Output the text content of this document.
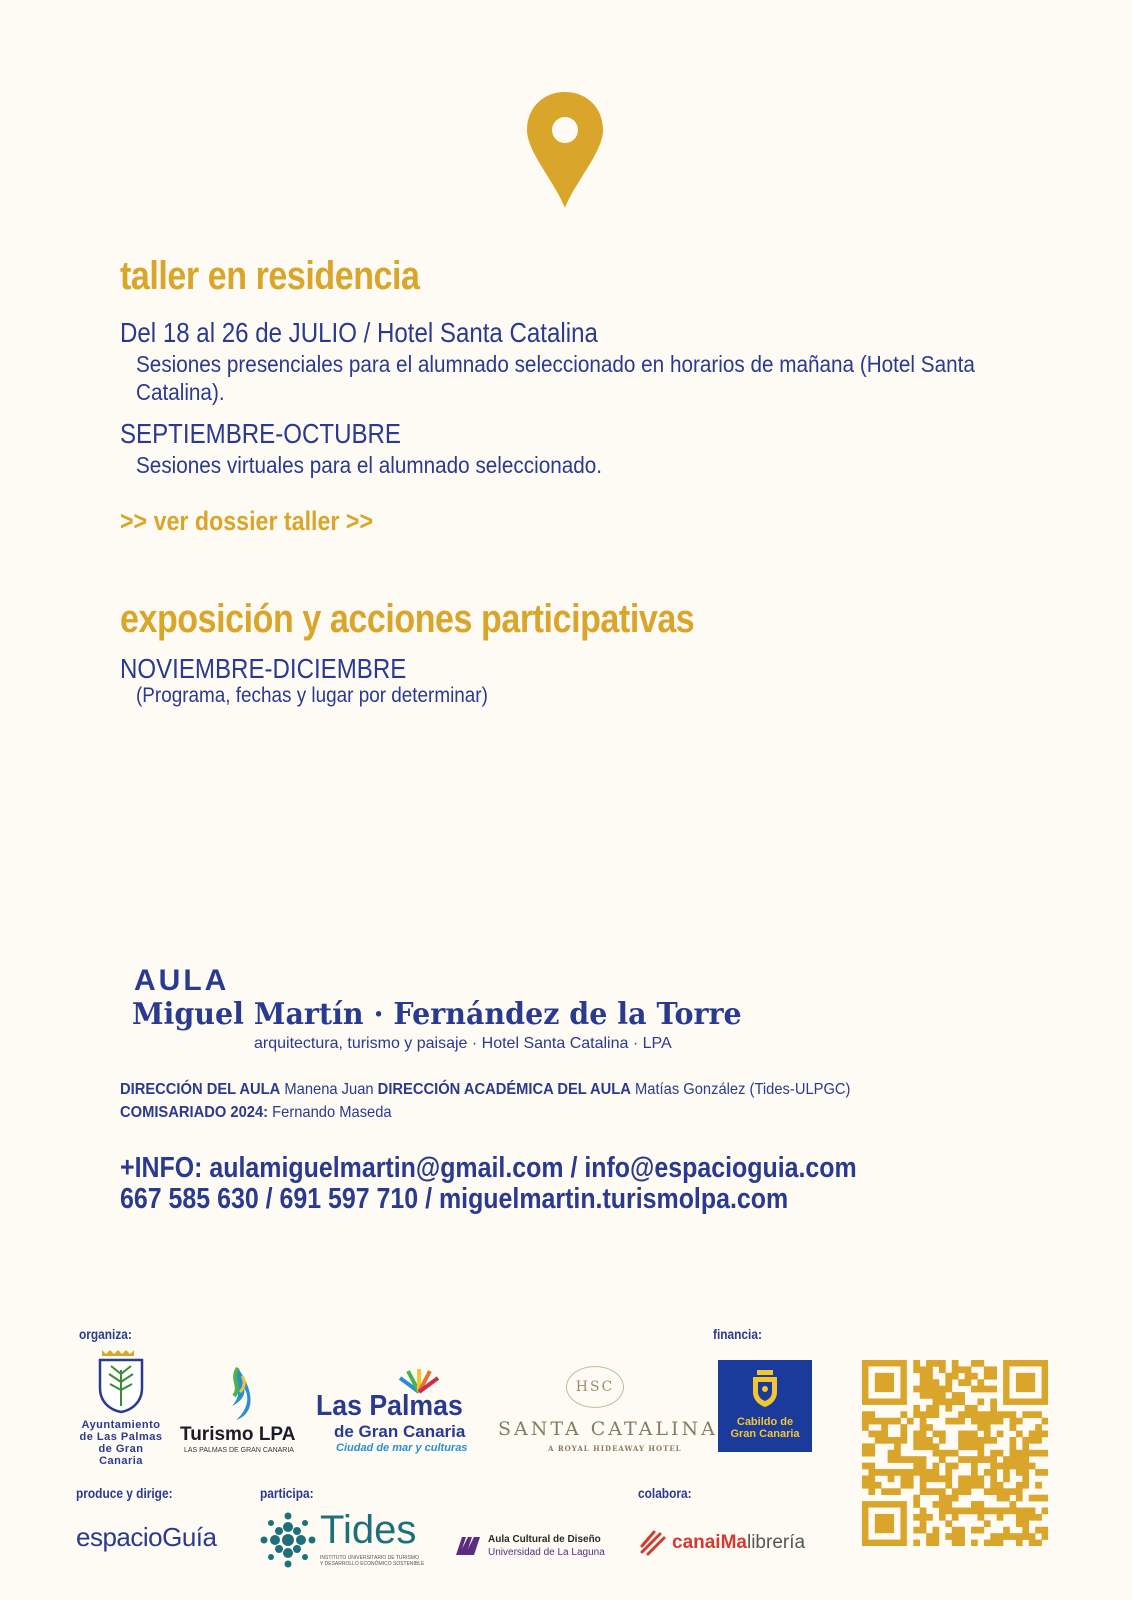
taller en residencia
Del 18 al 26 de JULIO / Hotel Santa Catalina
Sesiones presenciales para el alumnado seleccionado en horarios de mañana (Hotel Santa Catalina).
SEPTIEMBRE-OCTUBRE
Sesiones virtuales para el alumnado seleccionado.
>> ver dossier taller >>
exposición y acciones participativas
NOVIEMBRE-DICIEMBRE
(Programa, fechas y lugar por determinar)
AULA
Miguel Martín · Fernández de la Torre
arquitectura, turismo y paisaje · Hotel Santa Catalina · LPA
DIRECCIÓN DEL AULA Manena Juan DIRECCIÓN ACADÉMICA DEL AULA Matías González (Tides-ULPGC)
COMISARIADO 2024: Fernando Maseda
+INFO: aulamiguelmartin@gmail.com / info@espacioguia.com
667 585 630 / 691 597 710 / miguelmartin.turismolpa.com
organiza:	financia:
produce y dirige:	participa:	colabora:
Ayuntamiento
de Las Palmas
de Gran Canaria
Turismo LPA
LAS PALMAS DE GRAN CANARIA
Las Palmas
de Gran Canaria
Ciudad de mar y culturas
HSC
SANTA CATALINA
A ROYAL HIDEAWAY HOTEL
Cabildo de
Gran Canaria
espacioGuía	Tides
INSTITUTO UNIVERSITARIO DE TURISMO
Y DESARROLLO ECONÓMICO SOSTENIBLE
Aula Cultural de Diseño
Universidad de La Laguna	canaiMalibrería
